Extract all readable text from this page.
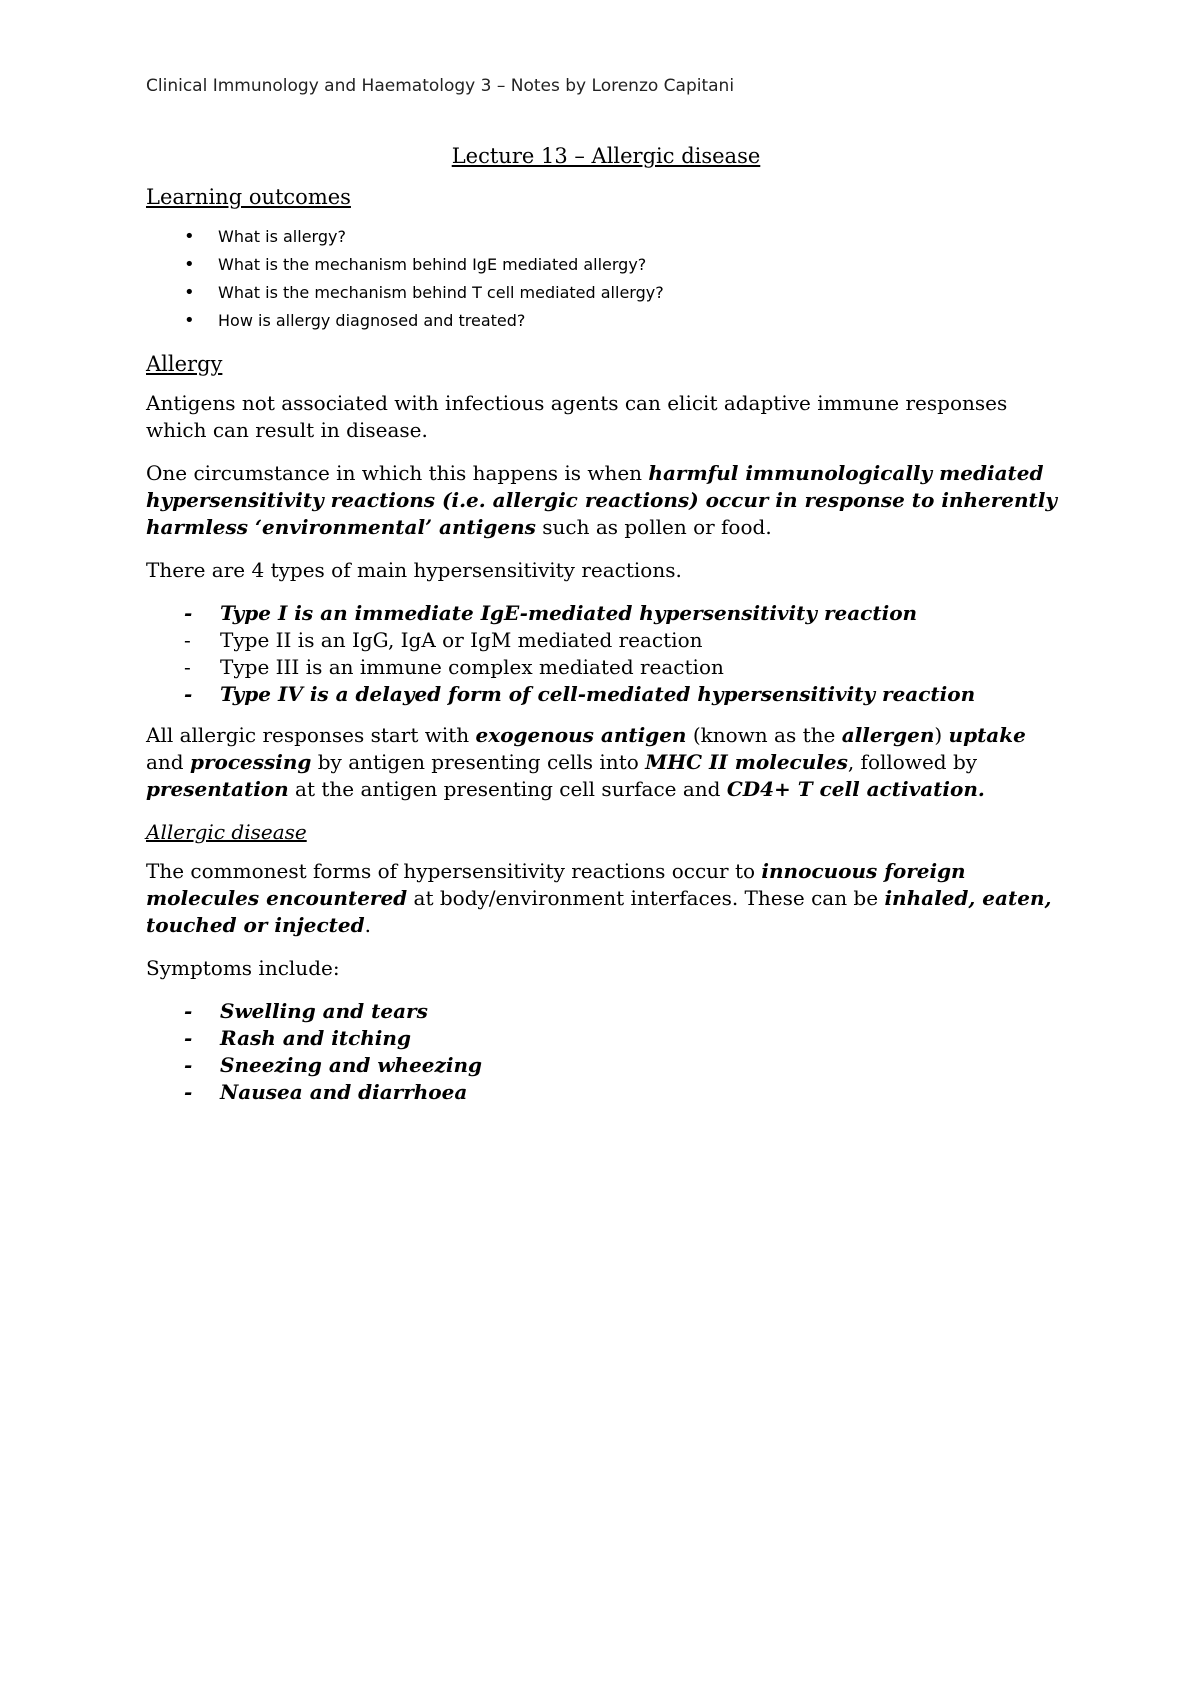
Clinical Immunology and Haematology 3 – Notes by Lorenzo Capitani
Lecture 13 – Allergic disease
Learning outcomes
• What is allergy?
• What is the mechanism behind IgE mediated allergy?
• What is the mechanism behind T cell mediated allergy?
• How is allergy diagnosed and treated?
Allergy

Antigens not associated with infectious agents can elicit adaptive immune responses which can result in disease.

One circumstance in which this happens is when harmful immunologically mediated hypersensitivity reactions (i.e. allergic reactions) occur in response to inherently harmless ‘environmental’ antigens such as pollen or food.

There are 4 types of main hypersensitivity reactions.

- Type I is an immediate IgE-mediated hypersensitivity reaction
- Type II is an IgG, IgA or IgM mediated reaction
- Type III is an immune complex mediated reaction
- Type IV is a delayed form of cell-mediated hypersensitivity reaction

All allergic responses start with exogenous antigen (known as the allergen) uptake and processing by antigen presenting cells into MHC II molecules, followed by presentation at the antigen presenting cell surface and CD4+ T cell activation.

Allergic disease

The commonest forms of hypersensitivity reactions occur to innocuous foreign molecules encountered at body/environment interfaces. These can be inhaled, eaten, touched or injected.

Symptoms include:

- Swelling and tears
- Rash and itching
- Sneezing and wheezing
- Nausea and diarrhoea
